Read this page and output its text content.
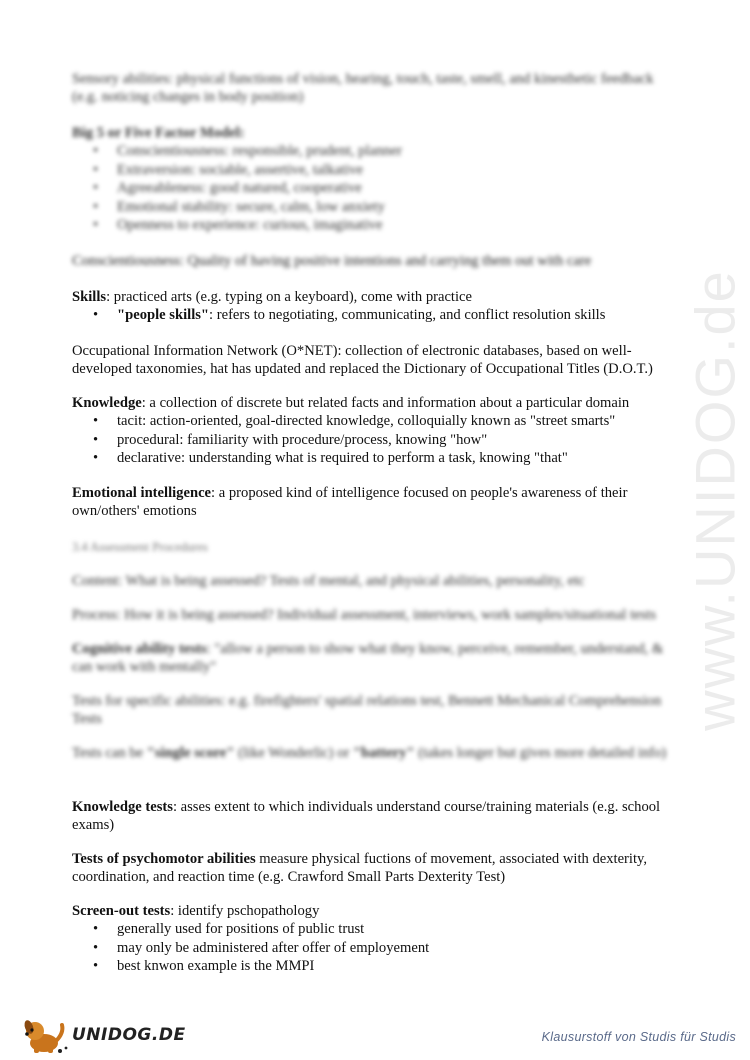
www.UNIDOG.de
Sensory abilities: physical functions of vision, hearing, touch, taste, smell, and kinesthetic feedback (e.g. noticing changes in body position)
Big 5 or Five Factor Model:
• Conscientiousness: responsible, prudent, planner
• Extraversion: sociable, assertive, talkative
• Agreeableness: good natured, cooperative
• Emotional stability: secure, calm, low anxiety
• Openness to experience: curious, imaginative
Conscientiousness: Quality of having positive intentions and carrying them out with care
Skills: practiced arts (e.g. typing on a keyboard), come with practice
• "people skills": refers to negotiating, communicating, and conflict resolution skills
Occupational Information Network (O*NET): collection of electronic databases, based on well-developed taxonomies, hat has updated and replaced the Dictionary of Occupational Titles (D.O.T.)
Knowledge: a collection of discrete but related facts and information about a particular domain
• tacit: action-oriented, goal-directed knowledge, colloquially known as "street smarts"
• procedural: familiarity with procedure/process, knowing "how"
• declarative: understanding what is required to perform a task, knowing "that"
Emotional intelligence: a proposed kind of intelligence focused on people's awareness of their own/others' emotions
3.4 Assessment Procedures
Content: What is being assessed? Tests of mental, and physical abilities, personality, etc
Process: How it is being assessed? Individual assessment, interviews, work samples/situational tests
Cognitive ability tests: "allow a person to show what they know, perceive, remember, understand, & can work with mentally"
Tests for specific abilities: e.g. firefighters' spatial relations test, Bennett Mechanical Comprehension Tests
Tests can be "single score" (like Wonderlic) or "battery" (takes longer but gives more detailed info)
Knowledge tests: asses extent to which individuals understand course/training materials (e.g. school exams)
Tests of psychomotor abilities measure physical fuctions of movement, associated with dexterity, coordination, and reaction time (e.g. Crawford Small Parts Dexterity Test)
Screen-out tests: identify pschopathology
• generally used for positions of public trust
• may only be administered after offer of employement
• best knwon example is the MMPI
UNIDOG.DE	Klausurstoff von Studis für Studis
